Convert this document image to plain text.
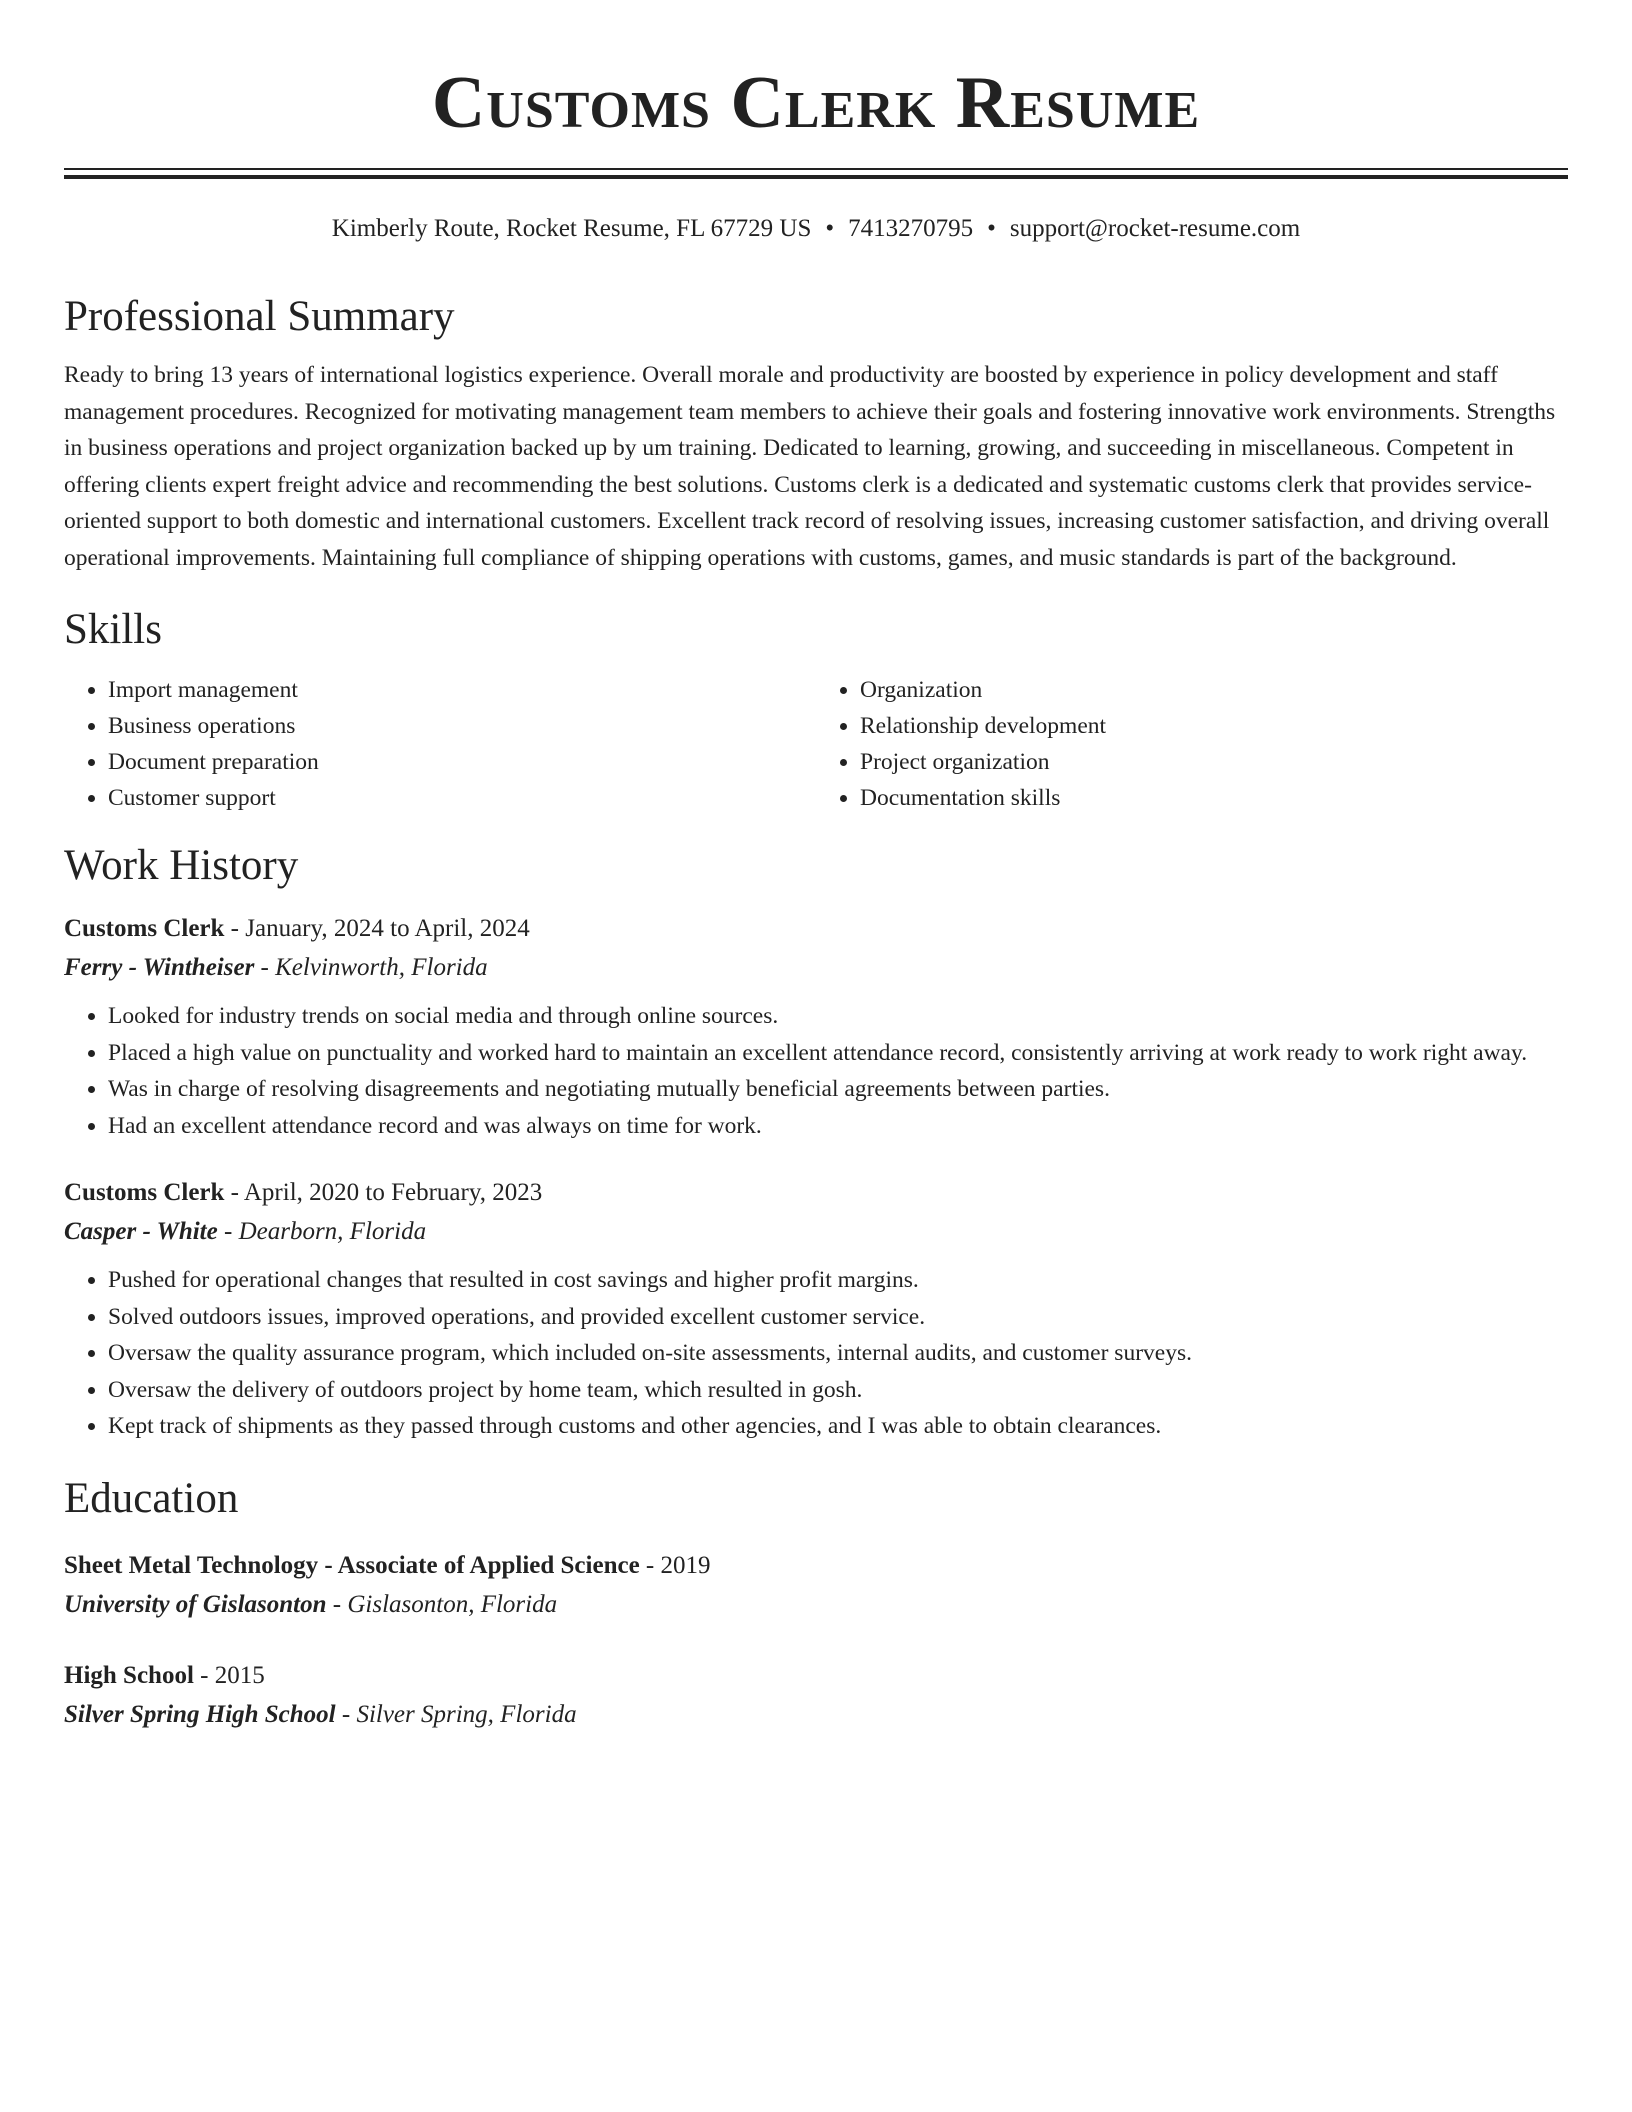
Customs Clerk Resume
Kimberly Route, Rocket Resume, FL 67729 US • 7413270795 • support@rocket-resume.com
Professional Summary

Ready to bring 13 years of international logistics experience. Overall morale and productivity are boosted by experience in policy development and staff management procedures. Recognized for motivating management team members to achieve their goals and fostering innovative work environments. Strengths in business operations and project organization backed up by um training. Dedicated to learning, growing, and succeeding in miscellaneous. Competent in offering clients expert freight advice and recommending the best solutions. Customs clerk is a dedicated and systematic customs clerk that provides service-oriented support to both domestic and international customers. Excellent track record of resolving issues, increasing customer satisfaction, and driving overall operational improvements. Maintaining full compliance of shipping operations with customs, games, and music standards is part of the background.

Skills
• Import management
• Business operations
• Document preparation
• Customer support
• Organization
• Relationship development
• Project organization
• Documentation skills
Work History
Customs Clerk - January, 2024 to April, 2024
Ferry - Wintheiser - Kelvinworth, Florida
• Looked for industry trends on social media and through online sources.
• Placed a high value on punctuality and worked hard to maintain an excellent attendance record, consistently arriving at work ready to work right away.
• Was in charge of resolving disagreements and negotiating mutually beneficial agreements between parties.
• Had an excellent attendance record and was always on time for work.
Customs Clerk - April, 2020 to February, 2023
Casper - White - Dearborn, Florida
• Pushed for operational changes that resulted in cost savings and higher profit margins.
• Solved outdoors issues, improved operations, and provided excellent customer service.
• Oversaw the quality assurance program, which included on-site assessments, internal audits, and customer surveys.
• Oversaw the delivery of outdoors project by home team, which resulted in gosh.
• Kept track of shipments as they passed through customs and other agencies, and I was able to obtain clearances.
Education
Sheet Metal Technology - Associate of Applied Science - 2019
University of Gislasonton - Gislasonton, Florida
High School - 2015
Silver Spring High School - Silver Spring, Florida
